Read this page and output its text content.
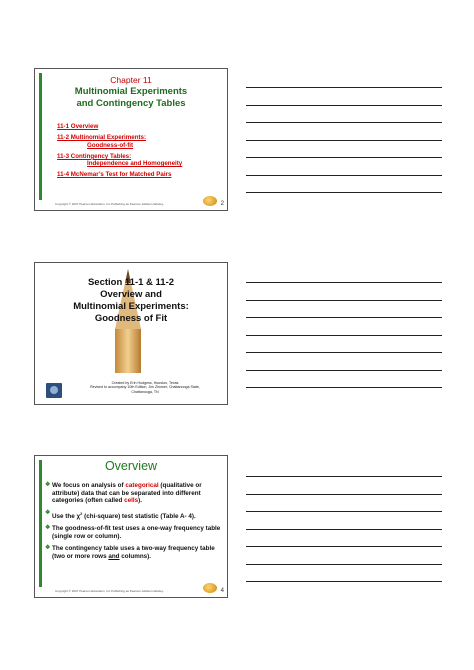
Chapter 11
Multinomial Experiments
and Contingency Tables
11-1 Overview
11-2 Multinomial Experiments:
Goodness-of-fit
11-3 Contingency Tables:
Independence and Homogeneity
11-4 McNemar’s Test for Matched Pairs
Copyright © 2007 Pearson Education, Inc Publishing as Pearson Addison-Wesley.	2
Section 11-1 & 11-2
Overview and
Multinomial Experiments:
Goodness of Fit
Created by Erin Hodgess, Houston, Texas
Revised to accompany 10th Edition, Jim Zimmer, Chattanooga State,
Chattanooga, TN
Overview
❖ We focus on analysis of categorical (qualitative or attribute) data that can be separated into different categories (often called cells).
❖
Use the $\chi^2$ (chi-square) test statistic (Table A- 4).
❖ The goodness-of-fit test uses a one-way frequency table (single row or column).
❖ The contingency table uses a two-way frequency table (two or more rows and columns).
Copyright © 2007 Pearson Education, Inc Publishing as Pearson Addison-Wesley.	4
